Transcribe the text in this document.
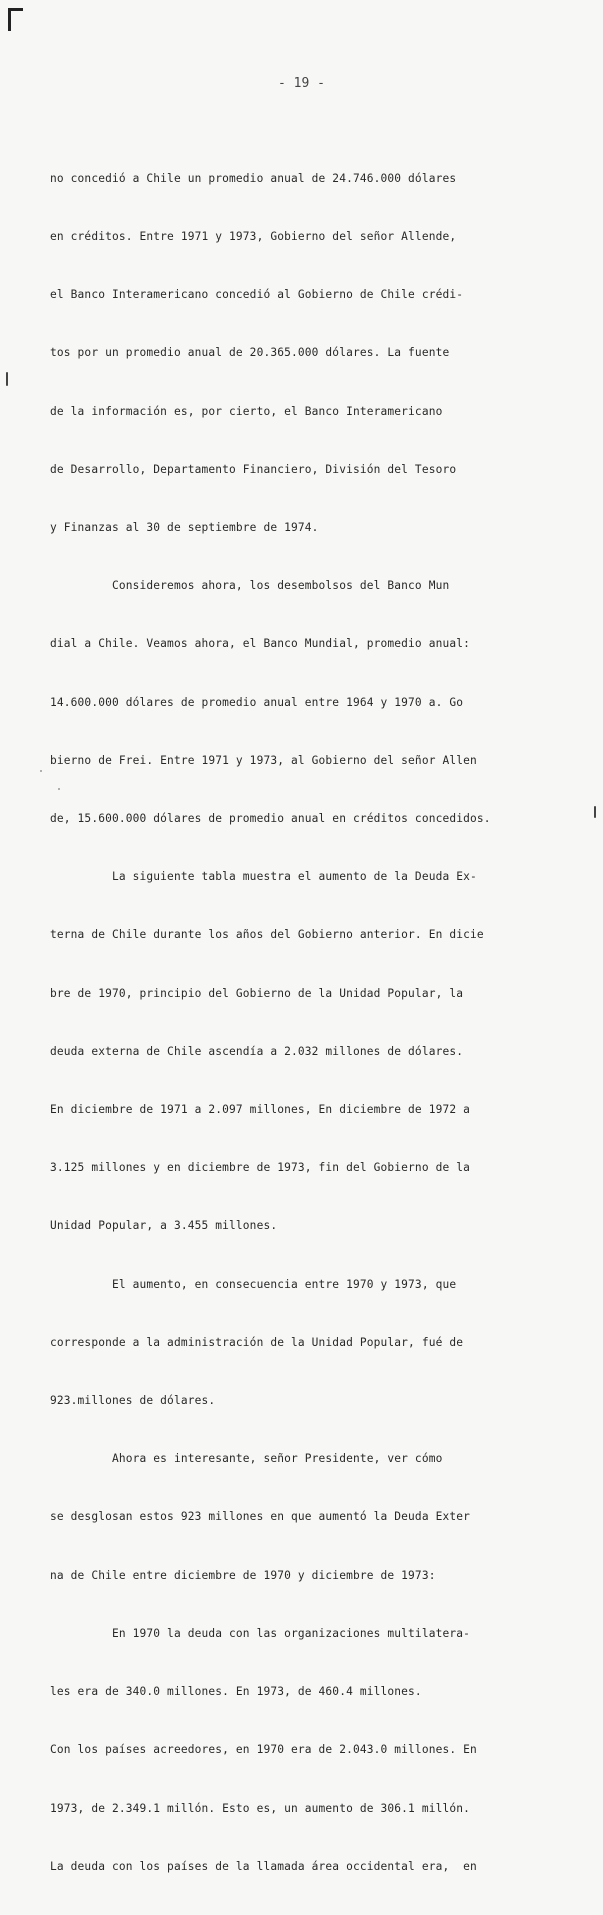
- 19 -

no concedió a Chile un promedio anual de 24.746.000 dólares

en créditos. Entre 1971 y 1973, Gobierno del señor Allende,

el Banco Interamericano concedió al Gobierno de Chile crédi-

tos por un promedio anual de 20.365.000 dólares. La fuente

de la información es, por cierto, el Banco Interamericano

de Desarrollo, Departamento Financiero, División del Tesoro

y Finanzas al 30 de septiembre de 1974.

Consideremos ahora, los desembolsos del Banco Mun

dial a Chile. Veamos ahora, el Banco Mundial, promedio anual:

14.600.000 dólares de promedio anual entre 1964 y 1970 a. Go

bierno de Frei. Entre 1971 y 1973, al Gobierno del señor Allen

de, 15.600.000 dólares de promedio anual en créditos concedidos.

La siguiente tabla muestra el aumento de la Deuda Ex-

terna de Chile durante los años del Gobierno anterior. En dicie

bre de 1970, principio del Gobierno de la Unidad Popular, la

deuda externa de Chile ascendía a 2.032 millones de dólares.

En diciembre de 1971 a 2.097 millones, En diciembre de 1972 a

3.125 millones y en diciembre de 1973, fin del Gobierno de la

Unidad Popular, a 3.455 millones.

El aumento, en consecuencia entre 1970 y 1973, que

corresponde a la administración de la Unidad Popular, fué de

923.millones de dólares.

Ahora es interesante, señor Presidente, ver cómo

se desglosan estos 923 millones en que aumentó la Deuda Exter

na de Chile entre diciembre de 1970 y diciembre de 1973:

En 1970 la deuda con las organizaciones multilatera-

les era de 340.0 millones. En 1973, de 460.4 millones.

Con los países acreedores, en 1970 era de 2.043.0 millones. En

1973, de 2.349.1 millón. Esto es, un aumento de 306.1 millón.

La deuda con los países de la llamada área occidental era,  en
